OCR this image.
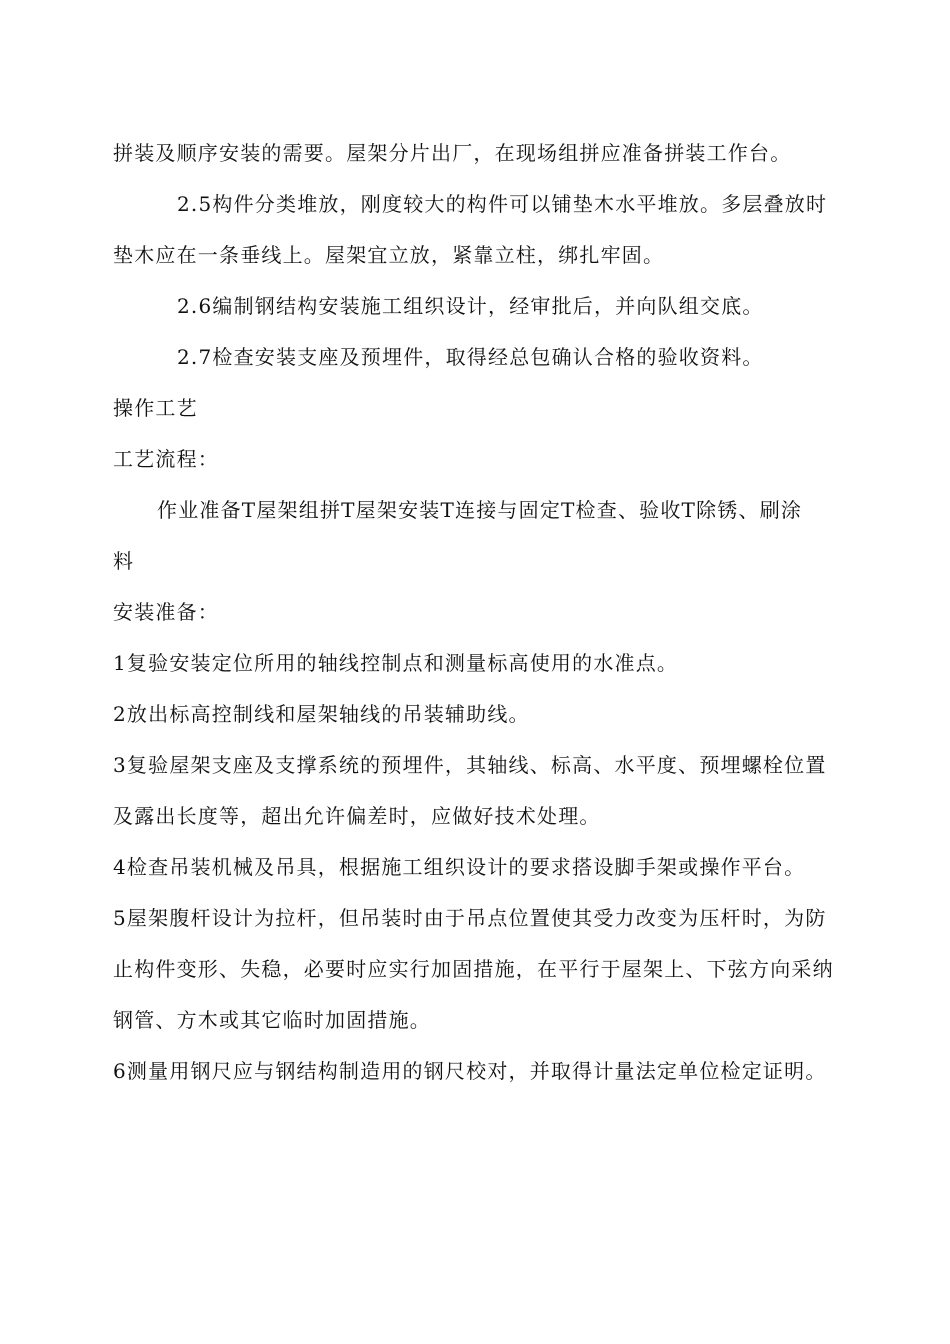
拼装及顺序安装的需要。屋架分片出厂，在现场组拼应准备拼装工作台。
2.5构件分类堆放，刚度较大的构件可以铺垫木水平堆放。多层叠放时
垫木应在一条垂线上。屋架宜立放，紧靠立柱，绑扎牢固。
2.6编制钢结构安装施工组织设计，经审批后，并向队组交底。
2.7检查安装支座及预埋件，取得经总包确认合格的验收资料。
操作工艺
工艺流程：
作业准备T屋架组拼T屋架安装T连接与固定T检查、验收T除锈、刷涂
料
安装准备：
1复验安装定位所用的轴线控制点和测量标高使用的水准点。
2放出标高控制线和屋架轴线的吊装辅助线。
3复验屋架支座及支撑系统的预埋件，其轴线、标高、水平度、预埋螺栓位置
及露出长度等，超出允许偏差时，应做好技术处理。
4检查吊装机械及吊具，根据施工组织设计的要求搭设脚手架或操作平台。
5屋架腹杆设计为拉杆，但吊装时由于吊点位置使其受力改变为压杆时，为防
止构件变形、失稳，必要时应实行加固措施，在平行于屋架上、下弦方向采纳
钢管、方木或其它临时加固措施。
6测量用钢尺应与钢结构制造用的钢尺校对，并取得计量法定单位检定证明。
